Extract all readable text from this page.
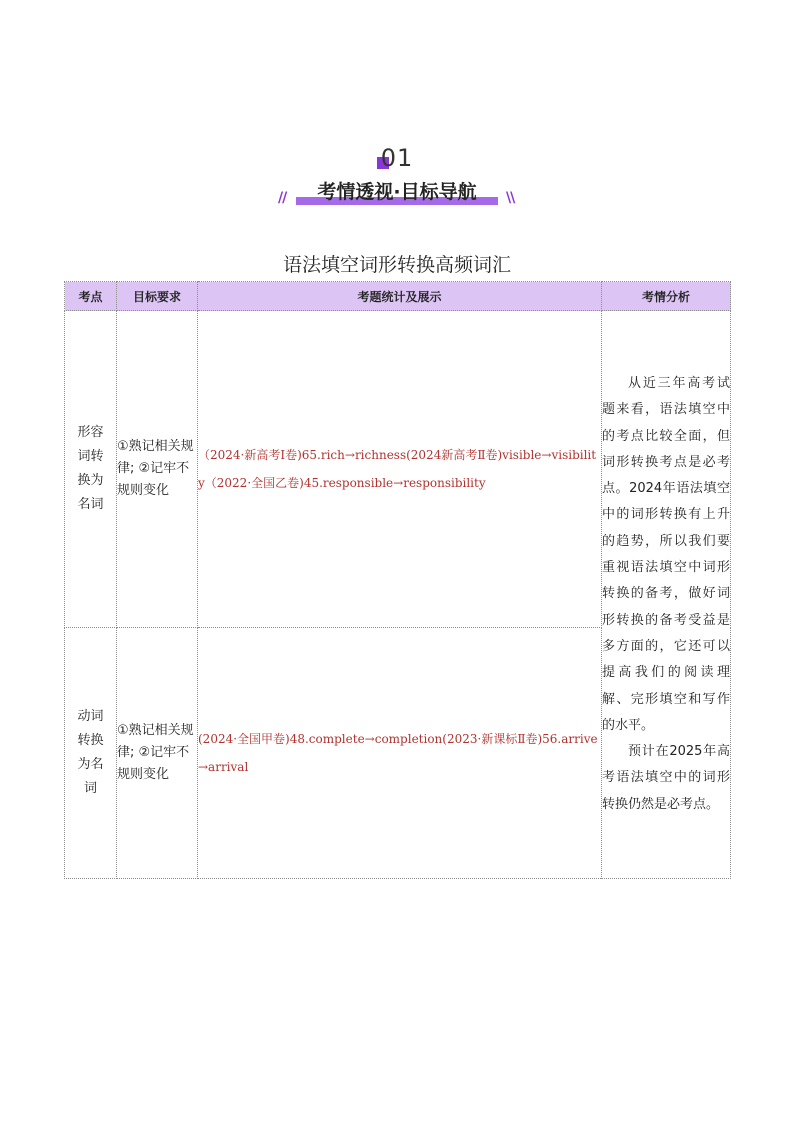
01
//	考情透视·目标导航	\\
语法填空词形转换高频词汇
考点	目标要求	考题统计及展示	考情分析

形容词转换为名词	①熟记相关规律; ②记牢不规则变化	（2024·新高考Ⅰ卷)65.rich→richness(2024新高考Ⅱ卷)visible→visibility（2022·全国乙卷)45.responsible→responsibility	从近三年高考试题来看，语法填空中的考点比较全面，但词形转换考点是必考点。2024年语法填空中的词形转换有上升的趋势，所以我们要重视语法填空中词形转换的备考，做好词形转换的备考受益是多方面的，它还可以提高我们的阅读理解、完形填空和写作的水平。

预计在2025年高考语法填空中的词形转换仍然是必考点。

动词转换为名词	①熟记相关规律; ②记牢不规则变化	(2024·全国甲卷)48.complete→completion(2023·新课标Ⅱ卷)56.arrive→arrival	
